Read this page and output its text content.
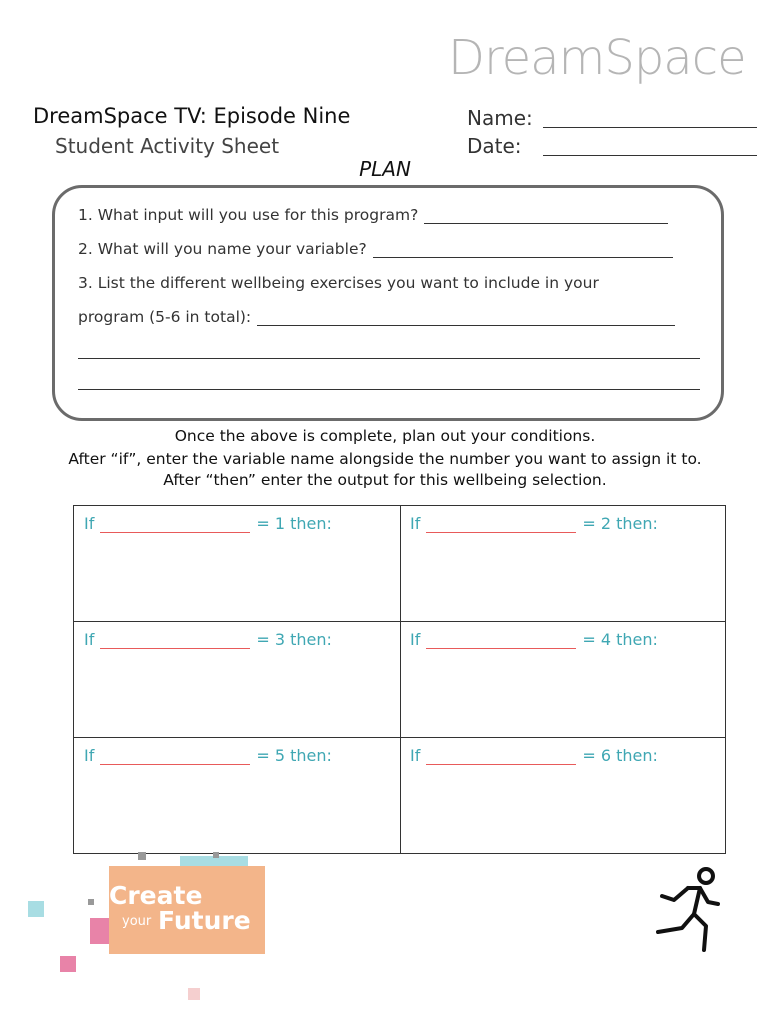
DreamSpace
DreamSpace TV: Episode Nine
Student Activity Sheet
Name:
Date:
PLAN
1. What input will you use for this program?
2. What will you name your variable?
3. List the different wellbeing exercises you want to include in your
program (5-6 in total):
Once the above is complete, plan out your conditions.
After “if”, enter the variable name alongside the number you want to assign it to.
After “then” enter the output for this wellbeing selection.
If	= 1 then:	If	= 2 then:
If	= 3 then:	If	= 4 then:
If	= 5 then:	If	= 6 then:
Create
your Future
